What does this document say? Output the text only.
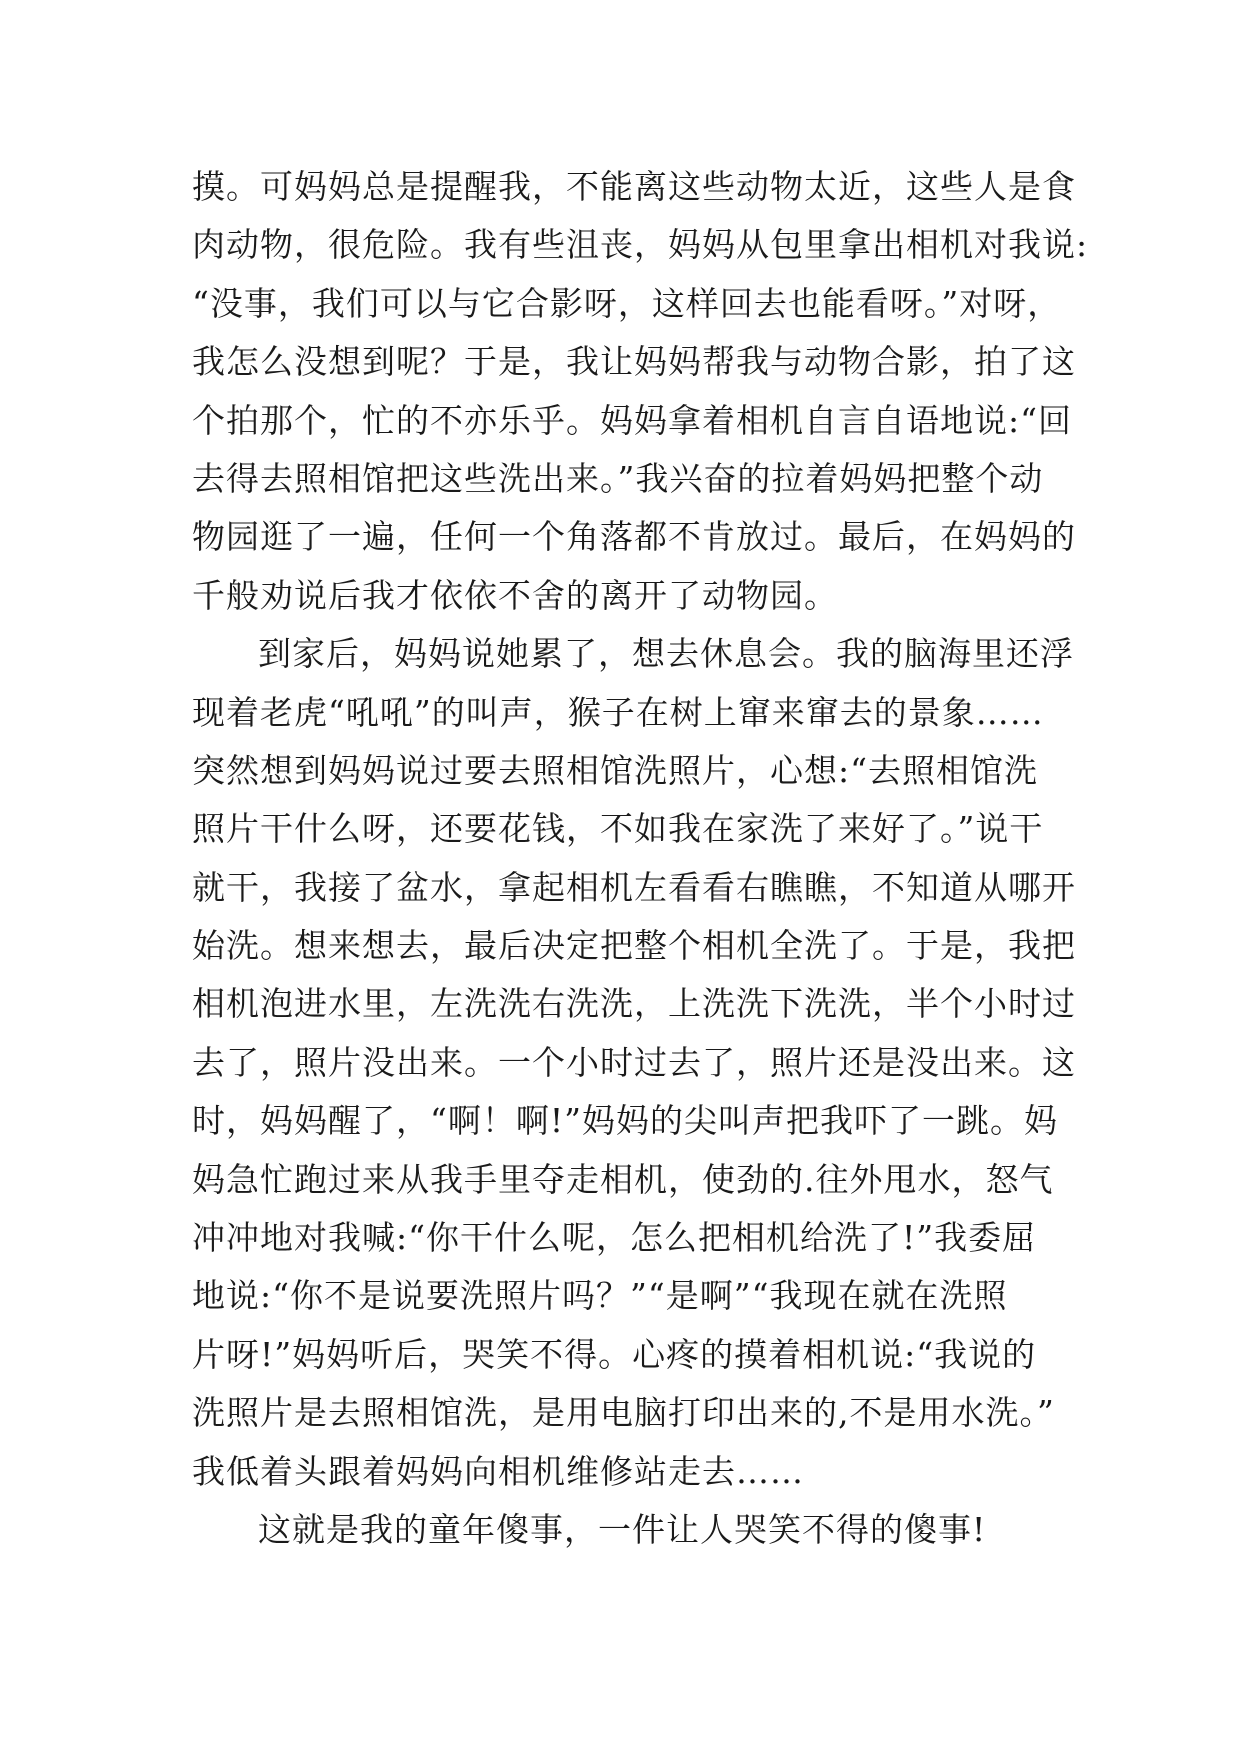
摸。可妈妈总是提醒我，不能离这些动物太近，这些人是食
肉动物，很危险。我有些沮丧，妈妈从包里拿出相机对我说:
“没事，我们可以与它合影呀，这样回去也能看呀。”对呀，
我怎么没想到呢？于是，我让妈妈帮我与动物合影，拍了这
个拍那个，忙的不亦乐乎。妈妈拿着相机自言自语地说:“回
去得去照相馆把这些洗出来。”我兴奋的拉着妈妈把整个动
物园逛了一遍，任何一个角落都不肯放过。最后，在妈妈的
千般劝说后我才依依不舍的离开了动物园。
到家后，妈妈说她累了，想去休息会。我的脑海里还浮
现着老虎“吼吼”的叫声，猴子在树上窜来窜去的景象……
突然想到妈妈说过要去照相馆洗照片，心想:“去照相馆洗
照片干什么呀，还要花钱，不如我在家洗了来好了。”说干
就干，我接了盆水，拿起相机左看看右瞧瞧，不知道从哪开
始洗。想来想去，最后决定把整个相机全洗了。于是，我把
相机泡进水里，左洗洗右洗洗，上洗洗下洗洗，半个小时过
去了，照片没出来。一个小时过去了，照片还是没出来。这
时，妈妈醒了，“啊！啊!”妈妈的尖叫声把我吓了一跳。妈
妈急忙跑过来从我手里夺走相机，使劲的.往外甩水，怒气
冲冲地对我喊:“你干什么呢，怎么把相机给洗了!”我委屈
地说:“你不是说要洗照片吗？”“是啊”“我现在就在洗照
片呀!”妈妈听后，哭笑不得。心疼的摸着相机说:“我说的
洗照片是去照相馆洗，是用电脑打印出来的,不是用水洗。”
我低着头跟着妈妈向相机维修站走去……
这就是我的童年傻事，一件让人哭笑不得的傻事!
